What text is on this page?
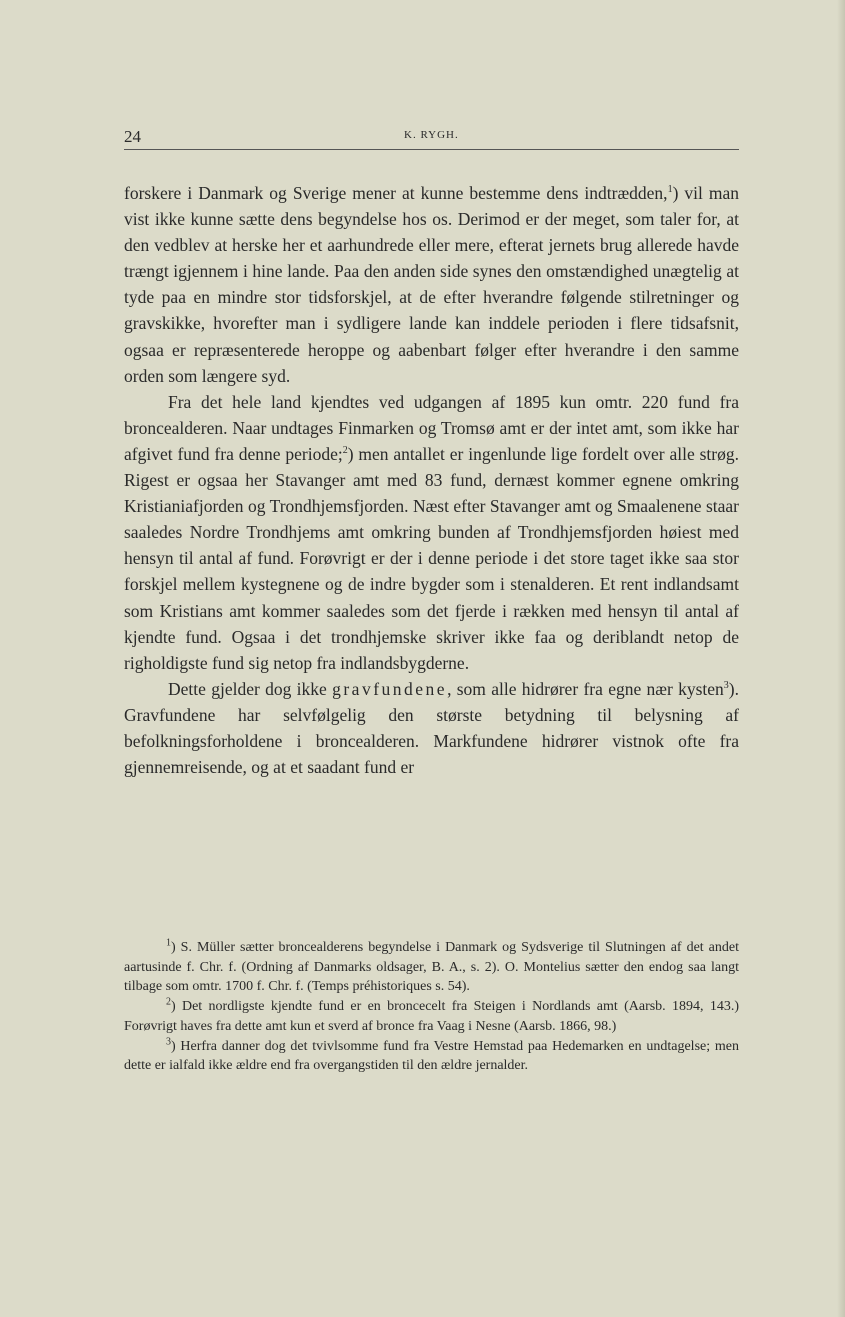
24	K. RYGH.

forskere i Danmark og Sverige mener at kunne bestemme dens indtrædden,$^1$) vil man vist ikke kunne sætte dens begyndelse hos os. Derimod er der meget, som taler for, at den vedblev at herske her et aarhundrede eller mere, efterat jernets brug allerede havde trængt igjennem i hine lande. Paa den anden side synes den omstændighed unægtelig at tyde paa en mindre stor tidsforskjel, at de efter hverandre følgende stilretninger og gravskikke, hvorefter man i sydligere lande kan inddele perioden i flere tidsafsnit, ogsaa er repræsenterede heroppe og aabenbart følger efter hverandre i den samme orden som længere syd.

Fra det hele land kjendtes ved udgangen af 1895 kun omtr. 220 fund fra broncealderen. Naar undtages Finmarken og Tromsø amt er der intet amt, som ikke har afgivet fund fra denne periode;$^2$) men antallet er ingenlunde lige fordelt over alle strøg. Rigest er ogsaa her Stavanger amt med 83 fund, dernæst kommer egnene omkring Kristianiafjorden og Trondhjemsfjorden. Næst efter Stavanger amt og Smaalenene staar saaledes Nordre Trondhjems amt omkring bunden af Trondhjemsfjorden høiest med hensyn til antal af fund. Forøvrigt er der i denne periode i det store taget ikke saa stor forskjel mellem kystegnene og de indre bygder som i stenalderen. Et rent indlandsamt som Kristians amt kommer saaledes som det fjerde i rækken med hensyn til antal af kjendte fund. Ogsaa i det trondhjemske skriver ikke faa og deriblandt netop de righoldigste fund sig netop fra indlandsbygderne.

Dette gjelder dog ikke gravfundene, som alle hidrører fra egne nær kysten$^3$). Gravfundene har selvfølgelig den største betydning til belysning af befolkningsforholdene i broncealderen. Markfundene hidrører vistnok ofte fra gjennemreisende, og at et saadant fund er

$^1$) S. Müller sætter broncealderens begyndelse i Danmark og Sydsverige til Slutningen af det andet aartusinde f. Chr. f. (Ordning af Danmarks oldsager, B. A., s. 2). O. Montelius sætter den endog saa langt tilbage som omtr. 1700 f. Chr. f. (Temps préhistoriques s. 54).

$^2$) Det nordligste kjendte fund er en broncecelt fra Steigen i Nordlands amt (Aarsb. 1894, 143.) Forøvrigt haves fra dette amt kun et sverd af bronce fra Vaag i Nesne (Aarsb. 1866, 98.)

$^3$) Herfra danner dog det tvivlsomme fund fra Vestre Hemstad paa Hedemarken en undtagelse; men dette er ialfald ikke ældre end fra overgangstiden til den ældre jernalder.
